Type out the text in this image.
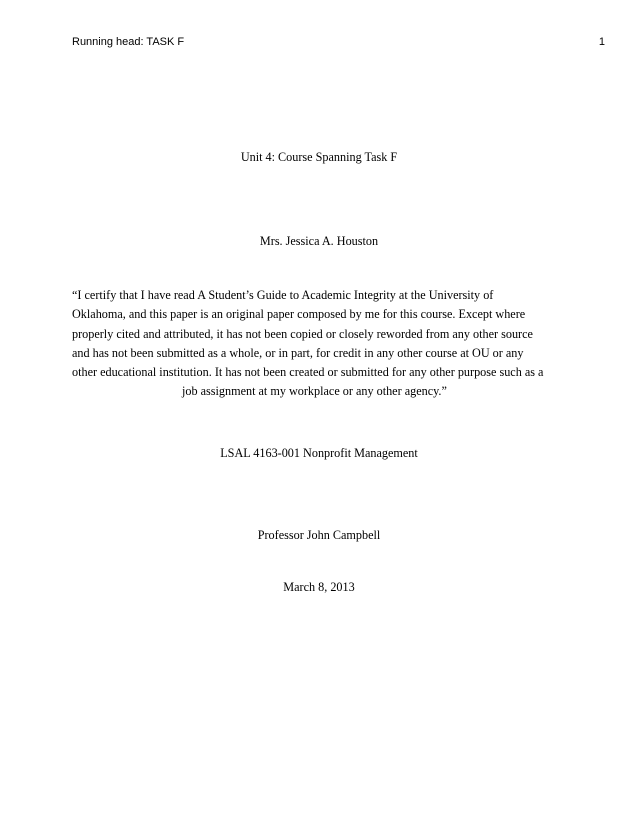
Running head: TASK F	1
Unit 4: Course Spanning Task F
Mrs. Jessica A. Houston
“I certify that I have read A Student’s Guide to Academic Integrity at the University of
Oklahoma, and this paper is an original paper composed by me for this course. Except where
properly cited and attributed, it has not been copied or closely reworded from any other source
and has not been submitted as a whole, or in part, for credit in any other course at OU or any
other educational institution. It has not been created or submitted for any other purpose such as a
job assignment at my workplace or any other agency.”
LSAL 4163-001 Nonprofit Management
Professor John Campbell
March 8, 2013
